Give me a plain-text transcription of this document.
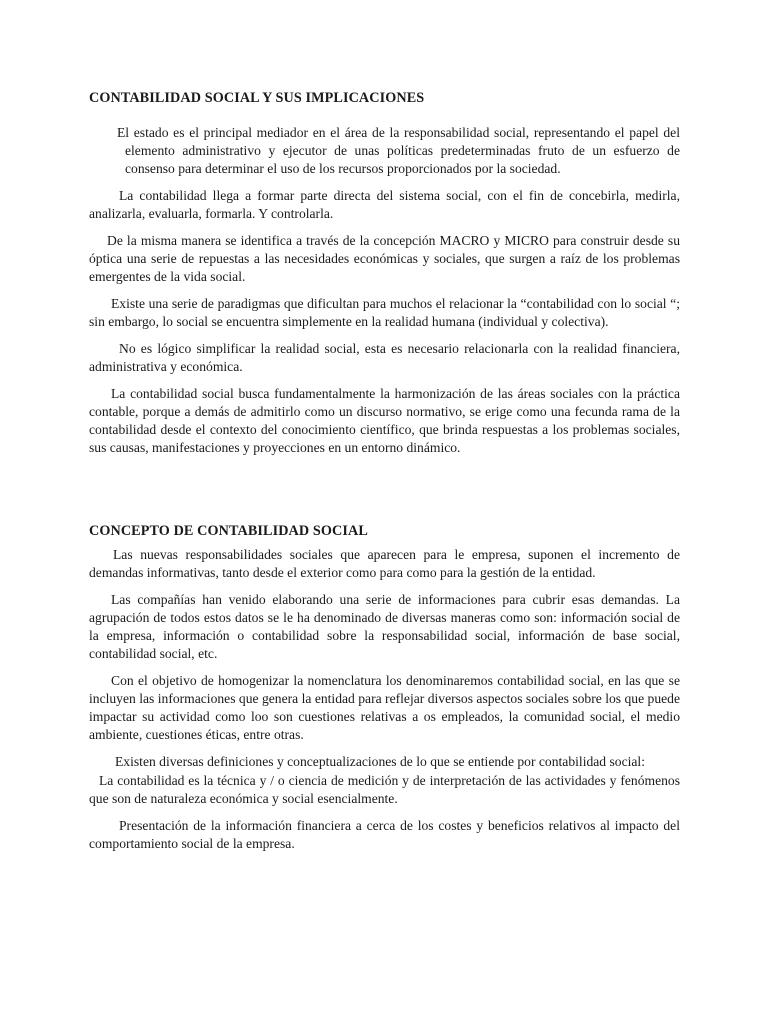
CONTABILIDAD SOCIAL Y SUS IMPLICACIONES

El estado es el principal mediador en el área de la responsabilidad social, representando el papel del elemento administrativo y ejecutor de unas políticas predeterminadas fruto de un esfuerzo de consenso para determinar el uso de los recursos proporcionados por la sociedad.

La contabilidad llega a formar parte directa del sistema social, con el fin de concebirla, medirla, analizarla, evaluarla, formarla. Y controlarla.

De la misma manera se identifica a través de la concepción MACRO y MICRO para construir desde su óptica una serie de repuestas a las necesidades económicas y sociales, que surgen a raíz de los problemas emergentes de la vida social.

Existe una serie de paradigmas que dificultan para muchos el relacionar la “contabilidad con lo social “; sin embargo, lo social se encuentra simplemente en la realidad humana (individual y colectiva).

No es lógico simplificar la realidad social, esta es necesario relacionarla con la realidad financiera, administrativa y económica.

La contabilidad social busca fundamentalmente la harmonización de las áreas sociales con la práctica contable, porque a demás de admitirlo como un discurso normativo, se erige como una fecunda rama de la contabilidad desde el contexto del conocimiento científico, que brinda respuestas a los problemas sociales, sus causas, manifestaciones y proyecciones en un entorno dinámico.

CONCEPTO DE CONTABILIDAD SOCIAL

Las nuevas responsabilidades sociales que aparecen para le empresa, suponen el incremento de demandas informativas, tanto desde el exterior como para como para la gestión de la entidad.

Las compañías han venido elaborando una serie de informaciones para cubrir esas demandas. La agrupación de todos estos datos se le ha denominado de diversas maneras como son: información social de la empresa, información o contabilidad sobre la responsabilidad social, información de base social, contabilidad social, etc.

Con el objetivo de homogenizar la nomenclatura los denominaremos contabilidad social, en las que se incluyen las informaciones que genera la entidad para reflejar diversos aspectos sociales sobre los que puede impactar su actividad como loo son cuestiones relativas a os empleados, la comunidad social, el medio ambiente, cuestiones éticas, entre otras.

Existen diversas definiciones y conceptualizaciones de lo que se entiende por contabilidad social:

La contabilidad es la técnica y / o ciencia de medición y de interpretación de las actividades y fenómenos que son de naturaleza económica y social esencialmente.

Presentación de la información financiera a cerca de los costes y beneficios relativos al impacto del comportamiento social de la empresa.
